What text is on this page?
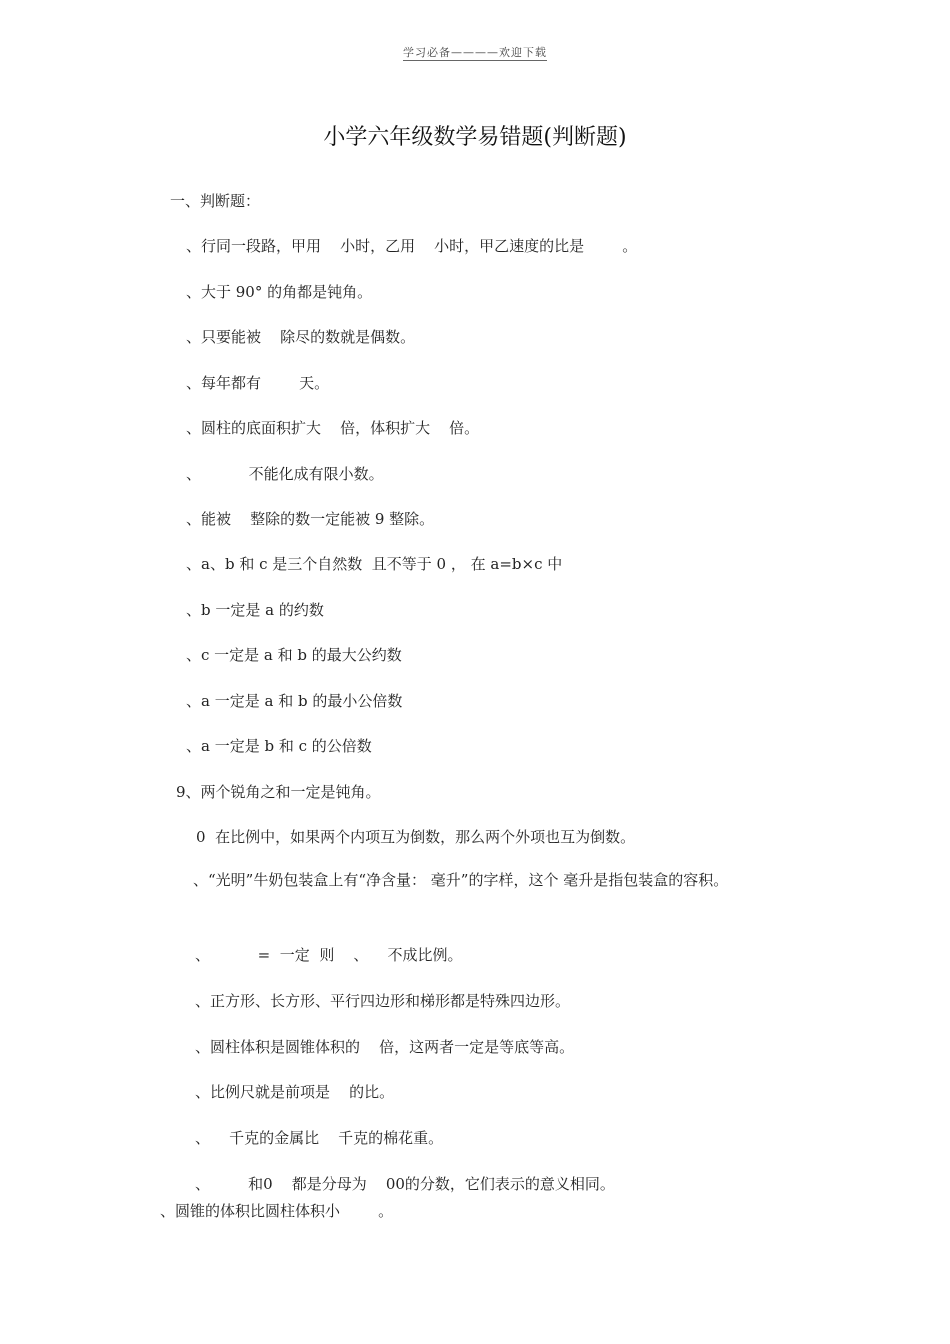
学习必备————欢迎下载
小学六年级数学易错题(判断题)
一、判断题：
、行同一段路，甲用    小时，乙用    小时，甲乙速度的比是        。
、大于 90° 的角都是钝角。
、只要能被    除尽的数就是偶数。
、每年都有        天。
、圆柱的底面积扩大    倍，体积扩大    倍。
、          不能化成有限小数。
、能被    整除的数一定能被 9 整除。
、a、b 和 c 是三个自然数  且不等于 0 ， 在 a=b×c 中
、b 一定是 a 的约数
、c 一定是 a 和 b 的最大公约数
、a 一定是 a 和 b 的最小公倍数
、a 一定是 b 和 c 的公倍数
9、两个锐角之和一定是钝角。
0  在比例中，如果两个内项互为倒数，那么两个外项也互为倒数。
、“光明”牛奶包装盒上有“净含量： 毫升”的字样，这个 毫升是指包装盒的容积。
、          =  一定  则    、    不成比例。
、正方形、长方形、平行四边形和梯形都是特殊四边形。
、圆柱体积是圆锥体积的    倍，这两者一定是等底等高。
、比例尺就是前项是    的比。
、    千克的金属比    千克的棉花重。
、        和0    都是分母为    00的分数，它们表示的意义相同。
、圆锥的体积比圆柱体积小        。
